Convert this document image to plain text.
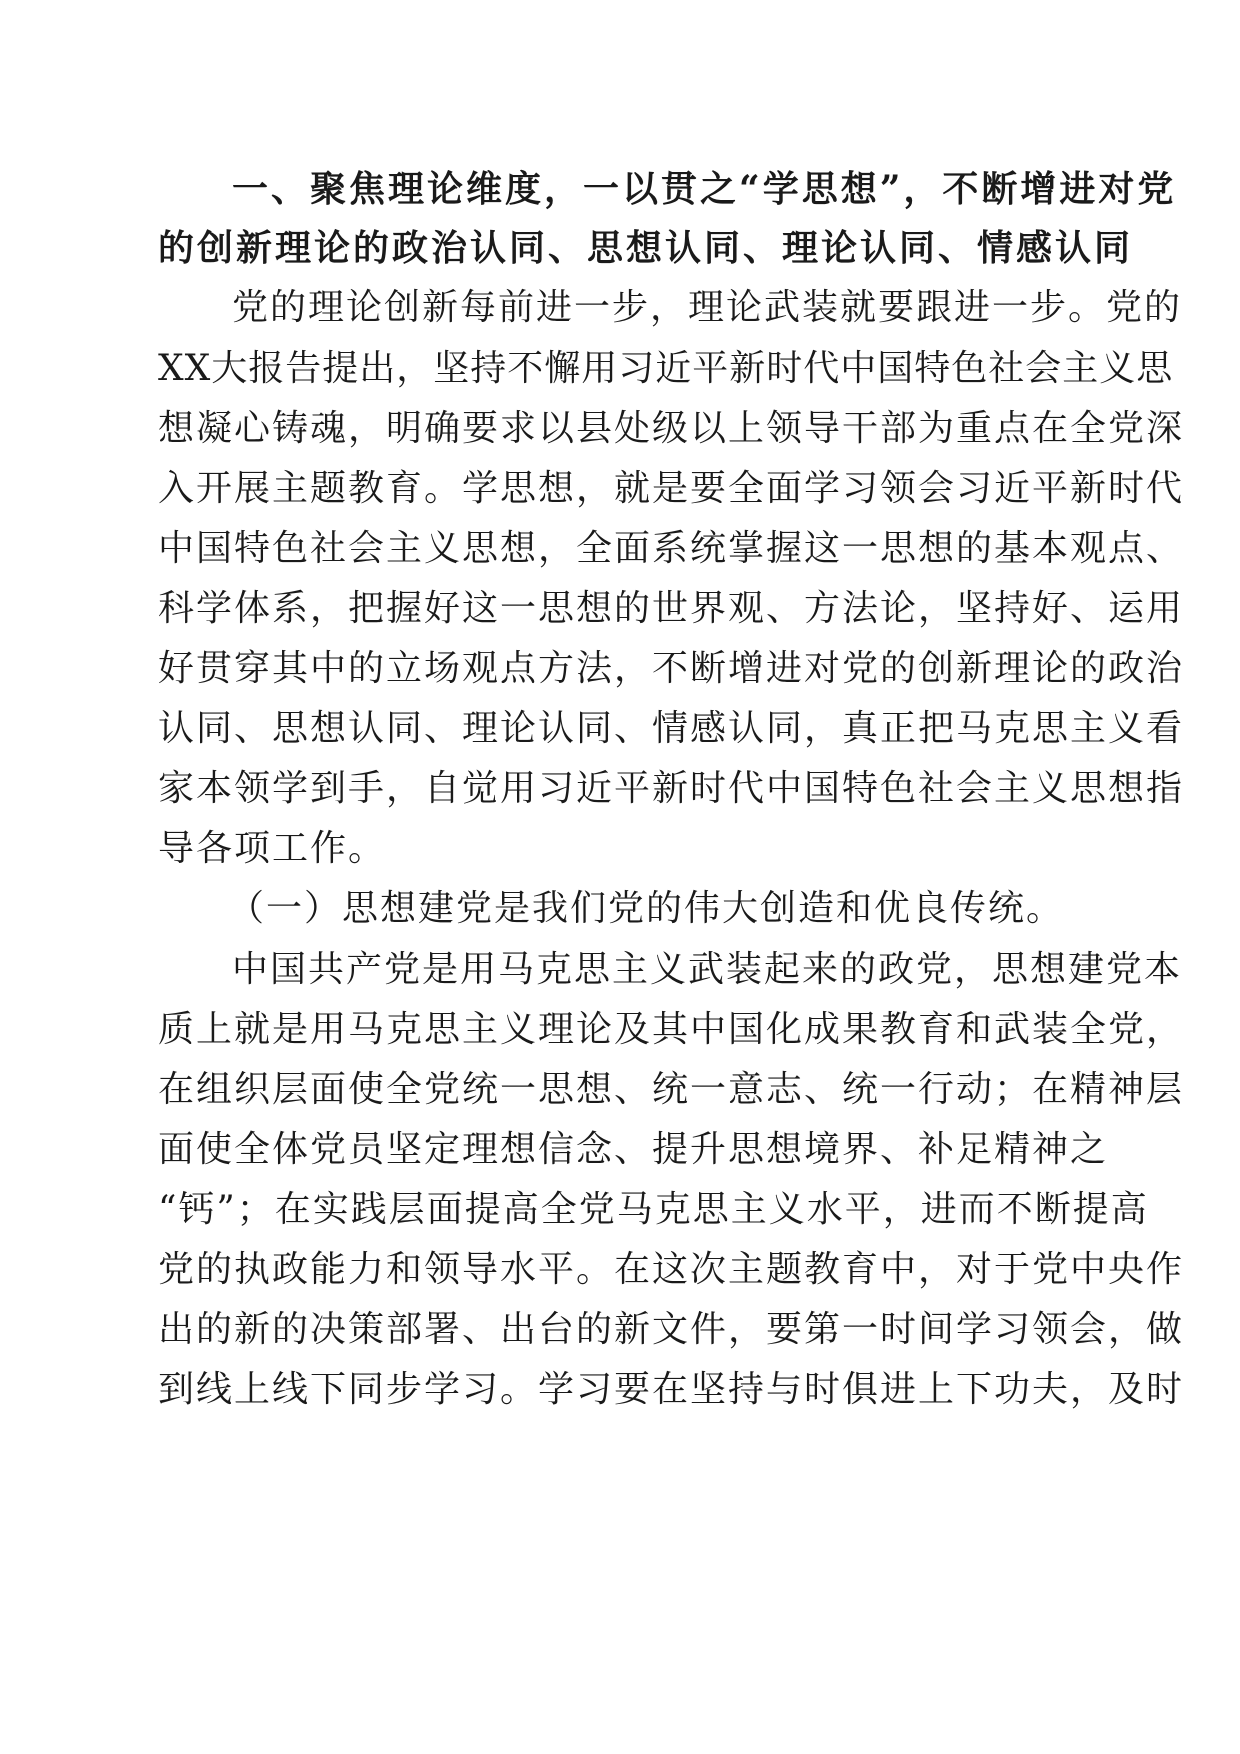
一、聚焦理论维度，一以贯之“学思想”，不断增进对党
的创新理论的政治认同、思想认同、理论认同、情感认同
党的理论创新每前进一步，理论武装就要跟进一步。党的
XX大报告提出，坚持不懈用习近平新时代中国特色社会主义思
想凝心铸魂，明确要求以县处级以上领导干部为重点在全党深
入开展主题教育。学思想，就是要全面学习领会习近平新时代
中国特色社会主义思想，全面系统掌握这一思想的基本观点、
科学体系，把握好这一思想的世界观、方法论，坚持好、运用
好贯穿其中的立场观点方法，不断增进对党的创新理论的政治
认同、思想认同、理论认同、情感认同，真正把马克思主义看
家本领学到手，自觉用习近平新时代中国特色社会主义思想指
导各项工作。
（一）思想建党是我们党的伟大创造和优良传统。
中国共产党是用马克思主义武装起来的政党，思想建党本
质上就是用马克思主义理论及其中国化成果教育和武装全党，
在组织层面使全党统一思想、统一意志、统一行动；在精神层
面使全体党员坚定理想信念、提升思想境界、补足精神之
“钙”；在实践层面提高全党马克思主义水平，进而不断提高
党的执政能力和领导水平。在这次主题教育中，对于党中央作
出的新的决策部署、出台的新文件，要第一时间学习领会，做
到线上线下同步学习。学习要在坚持与时俱进上下功夫，及时
